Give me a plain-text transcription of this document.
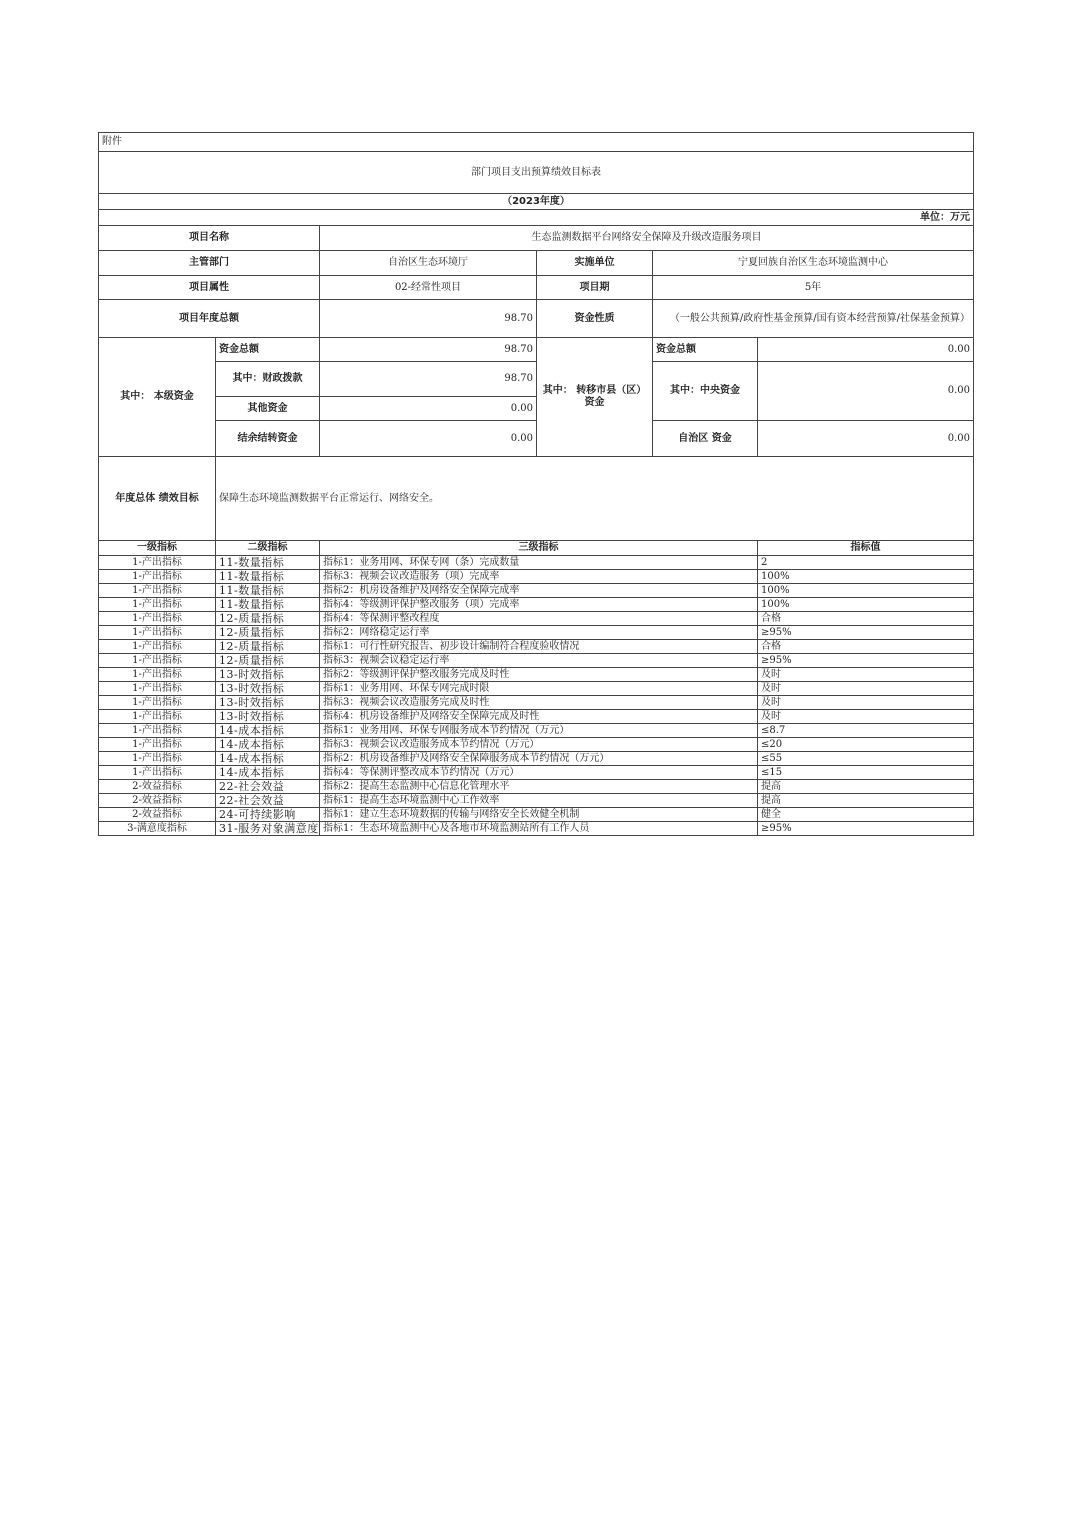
附件					
部门项目支出预算绩效目标表					
（2023年度）					
单位：万元					
项目名称		生态监测数据平台网络安全保障及升级改造服务项目			
主管部门		自治区生态环境厅	实施单位	宁夏回族自治区生态环境监测中心	
项目属性		02-经常性项目	项目期	5年	
项目年度总额		98.70	资金性质	（一般公共预算/政府性基金预算/国有资本经营预算/社保基金预算）	
其中： 本级资金	资金总额	98.70	其中： 转移市县（区）资金	资金总额	0.00
	其中：财政拨款	98.70		其中：中央资金	0.00
	其他资金	0.00			
	结余结转资金	0.00		自治区 资金	0.00
年度总体 绩效目标	保障生态环境监测数据平台正常运行、网络安全。				
一级指标	二级指标	三级指标			指标值
1-产出指标	11-数量指标	指标1：业务用网、环保专网（条）完成数量			2
1-产出指标	11-数量指标	指标3：视频会议改造服务（项）完成率			100%
1-产出指标	11-数量指标	指标2：机房设备维护及网络安全保障完成率			100%
1-产出指标	11-数量指标	指标4：等级测评保护整改服务（项）完成率			100%
1-产出指标	12-质量指标	指标4：等保测评整改程度			合格
1-产出指标	12-质量指标	指标2：网络稳定运行率			≥95%
1-产出指标	12-质量指标	指标1：可行性研究报告、初步设计编制符合程度验收情况			合格
1-产出指标	12-质量指标	指标3：视频会议稳定运行率			≥95%
1-产出指标	13-时效指标	指标2：等级测评保护整改服务完成及时性			及时
1-产出指标	13-时效指标	指标1：业务用网、环保专网完成时限			及时
1-产出指标	13-时效指标	指标3：视频会议改造服务完成及时性			及时
1-产出指标	13-时效指标	指标4：机房设备维护及网络安全保障完成及时性			及时
1-产出指标	14-成本指标	指标1：业务用网、环保专网服务成本节约情况（万元）			≤8.7
1-产出指标	14-成本指标	指标3：视频会议改造服务成本节约情况（万元）			≤20
1-产出指标	14-成本指标	指标2：机房设备维护及网络安全保障服务成本节约情况（万元）			≤55
1-产出指标	14-成本指标	指标4：等保测评整改成本节约情况（万元）			≤15
2-效益指标	22-社会效益	指标2：提高生态监测中心信息化管理水平			提高
2-效益指标	22-社会效益	指标1：提高生态环境监测中心工作效率			提高
2-效益指标	24-可持续影响	指标1：建立生态环境数据的传输与网络安全长效健全机制			健全
3-满意度指标	31-服务对象满意度	指标1：生态环境监测中心及各地市环境监测站所有工作人员			≥95%
